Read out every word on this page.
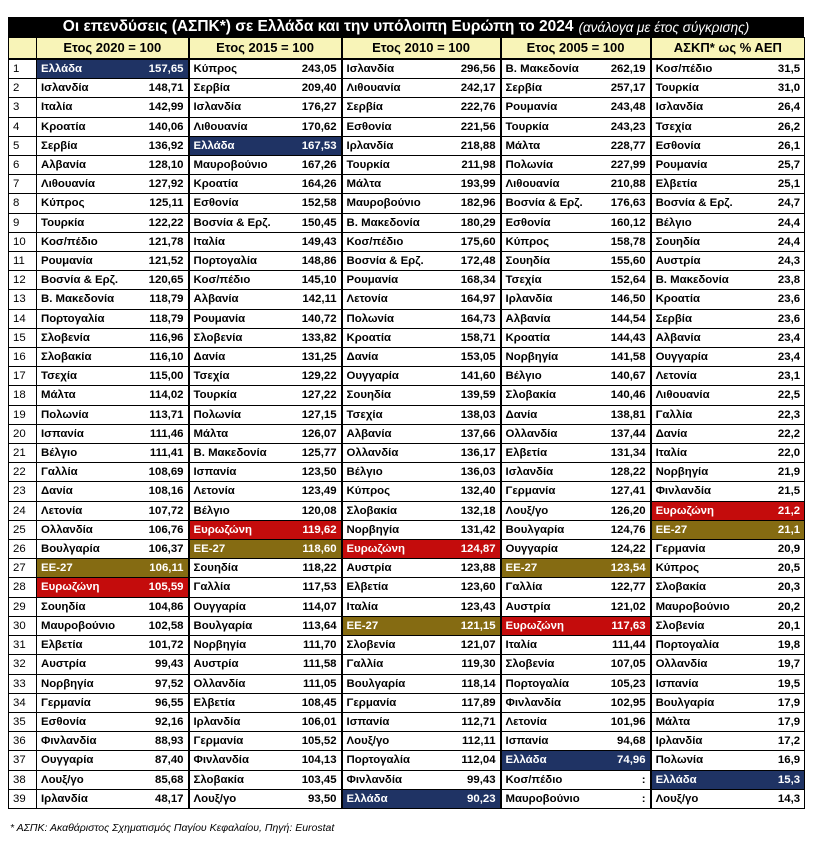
Οι επενδύσεις (ΑΣΠΚ*) σε Ελλάδα και την υπόλοιπη Ευρώπη το 2024 (ανάλογα με έτος σύγκρισης)
	Ετος 2020 = 100		Ετος 2015 = 100		Ετος 2010 = 100		Ετος 2005 = 100		ΑΣΚΠ* ως % ΑΕΠ	
1	Ελλάδα	157,65	Κύπρος	243,05	Ισλανδία	296,56	Β. Μακεδονία	262,19	Κοσ/πέδιο	31,5
2	Ισλανδία	148,71	Σερβία	209,40	Λιθουανία	242,17	Σερβία	257,17	Τουρκία	31,0
3	Ιταλία	142,99	Ισλανδία	176,27	Σερβία	222,76	Ρουμανία	243,48	Ισλανδία	26,4
4	Κροατία	140,06	Λιθουανία	170,62	Εσθονία	221,56	Τουρκία	243,23	Τσεχία	26,2
5	Σερβία	136,92	Ελλάδα	167,53	Ιρλανδία	218,88	Μάλτα	228,77	Εσθονία	26,1
6	Αλβανία	128,10	Μαυροβούνιο	167,26	Τουρκία	211,98	Πολωνία	227,99	Ρουμανία	25,7
7	Λιθουανία	127,92	Κροατία	164,26	Μάλτα	193,99	Λιθουανία	210,88	Ελβετία	25,1
8	Κύπρος	125,11	Εσθονία	152,58	Μαυροβούνιο	182,96	Βοσνία & Ερζ.	176,63	Βοσνία & Ερζ.	24,7
9	Τουρκία	122,22	Βοσνία & Ερζ.	150,45	Β. Μακεδονία	180,29	Εσθονία	160,12	Βέλγιο	24,4
10	Κοσ/πέδιο	121,78	Ιταλία	149,43	Κοσ/πέδιο	175,60	Κύπρος	158,78	Σουηδία	24,4
11	Ρουμανία	121,52	Πορτογαλία	148,86	Βοσνία & Ερζ.	172,48	Σουηδία	155,60	Αυστρία	24,3
12	Βοσνία & Ερζ.	120,65	Κοσ/πέδιο	145,10	Ρουμανία	168,34	Τσεχία	152,64	Β. Μακεδονία	23,8
13	Β. Μακεδονία	118,79	Αλβανία	142,11	Λετονία	164,97	Ιρλανδία	146,50	Κροατία	23,6
14	Πορτογαλία	118,79	Ρουμανία	140,72	Πολωνία	164,73	Αλβανία	144,54	Σερβία	23,6
15	Σλοβενία	116,96	Σλοβενία	133,82	Κροατία	158,71	Κροατία	144,43	Αλβανία	23,4
16	Σλοβακία	116,10	Δανία	131,25	Δανία	153,05	Νορβηγία	141,58	Ουγγαρία	23,4
17	Τσεχία	115,00	Τσεχία	129,22	Ουγγαρία	141,60	Βέλγιο	140,67	Λετονία	23,1
18	Μάλτα	114,02	Τουρκία	127,22	Σουηδία	139,59	Σλοβακία	140,46	Λιθουανία	22,5
19	Πολωνία	113,71	Πολωνία	127,15	Τσεχία	138,03	Δανία	138,81	Γαλλία	22,3
20	Ισπανία	111,46	Μάλτα	126,07	Αλβανία	137,66	Ολλανδία	137,44	Δανία	22,2
21	Βέλγιο	111,41	Β. Μακεδονία	125,77	Ολλανδία	136,17	Ελβετία	131,34	Ιταλία	22,0
22	Γαλλία	108,69	Ισπανία	123,50	Βέλγιο	136,03	Ισλανδία	128,22	Νορβηγία	21,9
23	Δανία	108,16	Λετονία	123,49	Κύπρος	132,40	Γερμανία	127,41	Φινλανδία	21,5
24	Λετονία	107,72	Βέλγιο	120,08	Σλοβακία	132,18	Λουξ/γο	126,20	Ευρωζώνη	21,2
25	Ολλανδία	106,76	Ευρωζώνη	119,62	Νορβηγία	131,42	Βουλγαρία	124,76	ΕΕ-27	21,1
26	Βουλγαρία	106,37	ΕΕ-27	118,60	Ευρωζώνη	124,87	Ουγγαρία	124,22	Γερμανία	20,9
27	ΕΕ-27	106,11	Σουηδία	118,22	Αυστρία	123,88	ΕΕ-27	123,54	Κύπρος	20,5
28	Ευρωζώνη	105,59	Γαλλία	117,53	Ελβετία	123,60	Γαλλία	122,77	Σλοβακία	20,3
29	Σουηδία	104,86	Ουγγαρία	114,07	Ιταλία	123,43	Αυστρία	121,02	Μαυροβούνιο	20,2
30	Μαυροβούνιο	102,58	Βουλγαρία	113,64	ΕΕ-27	121,15	Ευρωζώνη	117,63	Σλοβενία	20,1
31	Ελβετία	101,72	Νορβηγία	111,70	Σλοβενία	121,07	Ιταλία	111,44	Πορτογαλία	19,8
32	Αυστρία	99,43	Αυστρία	111,58	Γαλλία	119,30	Σλοβενία	107,05	Ολλανδία	19,7
33	Νορβηγία	97,52	Ολλανδία	111,05	Βουλγαρία	118,14	Πορτογαλία	105,23	Ισπανία	19,5
34	Γερμανία	96,55	Ελβετία	108,45	Γερμανία	117,89	Φινλανδία	102,95	Βουλγαρία	17,9
35	Εσθονία	92,16	Ιρλανδία	106,01	Ισπανία	112,71	Λετονία	101,96	Μάλτα	17,9
36	Φινλανδία	88,93	Γερμανία	105,52	Λουξ/γο	112,11	Ισπανία	94,68	Ιρλανδία	17,2
37	Ουγγαρία	87,40	Φινλανδία	104,13	Πορτογαλία	112,04	Ελλάδα	74,96	Πολωνία	16,9
38	Λουξ/γο	85,68	Σλοβακία	103,45	Φινλανδία	99,43	Κοσ/πέδιο	:	Ελλάδα	15,3
39	Ιρλανδία	48,17	Λουξ/γο	93,50	Ελλάδα	90,23	Μαυροβούνιο	:	Λουξ/γο	14,3
* ΑΣΠΚ: Ακαθάριστος Σχηματισμός Παγίου Κεφαλαίου, Πηγή: Eurostat
